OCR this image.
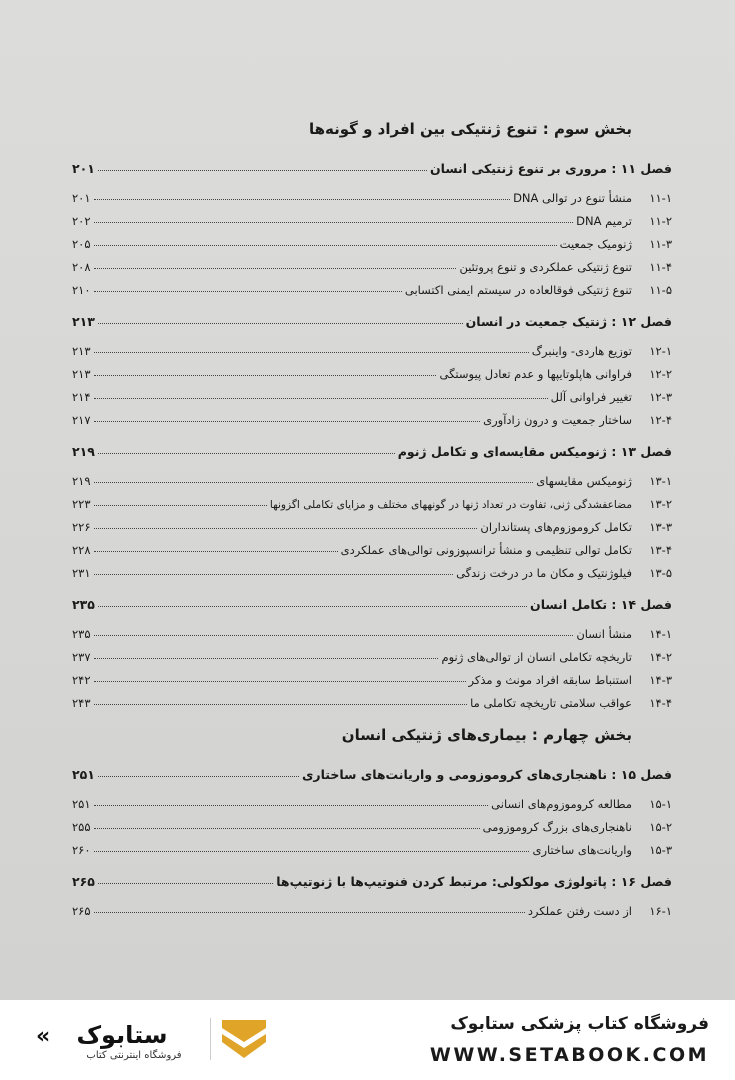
بخش سوم : تنوع ژنتیکی بین افراد و گونه‌ها
فصل ۱۱ : مروری بر تنوع ژنتیکی انسان
۲۰۱
۱۱-۱
منشأ تنوع در توالی DNA
۲۰۱
۱۱-۲
ترمیم DNA
۲۰۲
۱۱-۳
ژنومیک جمعیت
۲۰۵
۱۱-۴
تنوع ژنتیکی عملکردی و تنوع پروتئین
۲۰۸
۱۱-۵
تنوع ژنتیکی فوقالعاده در سیستم ایمنی اکتسابی
۲۱۰
فصل ۱۲ : ژنتیک جمعیت در انسان
۲۱۳
۱۲-۱
توزیع هاردی- واینبرگ
۲۱۳
۱۲-۲
فراوانی هاپلوتایپها و عدم تعادل پیوستگی
۲۱۳
۱۲-۳
تغییر فراوانی آلل
۲۱۴
۱۲-۴
ساختار جمعیت و درون زادآوری
۲۱۷
فصل ۱۳ : ژنومیکس مقایسه‌ای و تکامل ژنوم
۲۱۹
۱۳-۱
ژنومیکس مقایسهای
۲۱۹
۱۳-۲
مضاعفشدگی ژنی، تفاوت در تعداد ژنها در گونههای مختلف و مزایای تکاملی اگزونها
۲۲۳
۱۳-۳
تکامل کروموزوم‌های پستانداران
۲۲۶
۱۳-۴
تکامل توالی تنظیمی و منشأ ترانسپوزونی توالی‌های عملکردی
۲۲۸
۱۳-۵
فیلوژنتیک و مکان ما در درخت زندگی
۲۳۱
فصل ۱۴ : تکامل انسان
۲۳۵
۱۴-۱
منشأ انسان
۲۳۵
۱۴-۲
تاریخچه تکاملی انسان از توالی‌های ژنوم
۲۳۷
۱۴-۳
استنباط سابقه افراد مونث و مذکر
۲۴۲
۱۴-۴
عواقب سلامتی تاریخچه تکاملی ما
۲۴۳
بخش چهارم : بیماری‌های ژنتیکی انسان
فصل ۱۵ : ناهنجاری‌های کروموزومی و واریانت‌های ساختاری
۲۵۱
۱۵-۱
مطالعه کروموزوم‌های انسانی
۲۵۱
۱۵-۲
ناهنجاری‌های بزرگ کروموزومی
۲۵۵
۱۵-۳
واریانت‌های ساختاری
۲۶۰
فصل ۱۶ : پاتولوژی مولکولی: مرتبط کردن فنوتیپ‌ها با ژنوتیپ‌ها
۲۶۵
۱۶-۱
از دست رفتن عملکرد
۲۶۵
ستابوک
فروشگاه اینترنتی کتاب
«	فروشگاه کتاب پزشکی ستابوک
WWW.SETABOOK.COM
